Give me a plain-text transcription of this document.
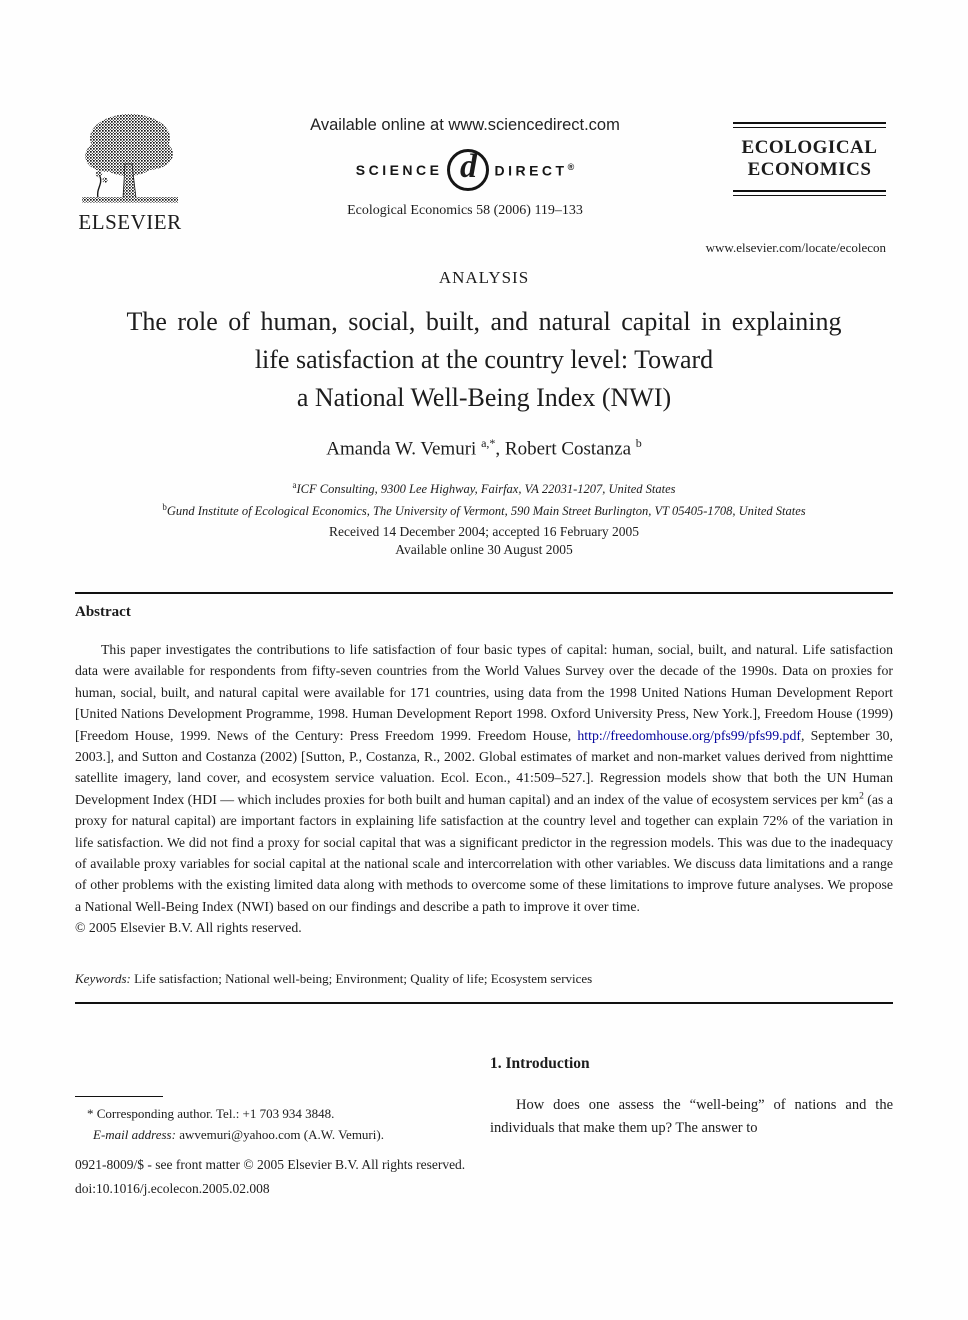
ELSEVIER
Available online at www.sciencedirect.com
SCIENCE d DIRECT®
Ecological Economics 58 (2006) 119–133
ECOLOGICAL
ECONOMICS
www.elsevier.com/locate/ecolecon
ANALYSIS
The role of human, social, built, and natural capital in explaining
life satisfaction at the country level: Toward
a National Well-Being Index (NWI)
Amanda W. Vemuri $^{a,*}$, Robert Costanza $^b$
$^a$ICF Consulting, 9300 Lee Highway, Fairfax, VA 22031-1207, United States
$^b$Gund Institute of Ecological Economics, The University of Vermont, 590 Main Street Burlington, VT 05405-1708, United States
Received 14 December 2004; accepted 16 February 2005
Available online 30 August 2005
Abstract

This paper investigates the contributions to life satisfaction of four basic types of capital: human, social, built, and natural. Life satisfaction data were available for respondents from fifty-seven countries from the World Values Survey over the decade of the 1990s. Data on proxies for human, social, built, and natural capital were available for 171 countries, using data from the 1998 United Nations Human Development Report [United Nations Development Programme, 1998. Human Development Report 1998. Oxford University Press, New York.], Freedom House (1999) [Freedom House, 1999. News of the Century: Press Freedom 1999. Freedom House, http://freedomhouse.org/pfs99/pfs99.pdf, September 30, 2003.], and Sutton and Costanza (2002) [Sutton, P., Costanza, R., 2002. Global estimates of market and non-market values derived from nighttime satellite imagery, land cover, and ecosystem service valuation. Ecol. Econ., 41:509–527.]. Regression models show that both the UN Human Development Index (HDI — which includes proxies for both built and human capital) and an index of the value of ecosystem services per $km^2$ (as a proxy for natural capital) are important factors in explaining life satisfaction at the country level and together can explain 72% of the variation in life satisfaction. We did not find a proxy for social capital that was a significant predictor in the regression models. This was due to the inadequacy of available proxy variables for social capital at the national scale and intercorrelation with other variables. We discuss data limitations and a range of other problems with the existing limited data along with methods to overcome some of these limitations to improve future analyses. We propose a National Well-Being Index (NWI) based on our findings and describe a path to improve it over time.

© 2005 Elsevier B.V. All rights reserved.

Keywords: Life satisfaction; National well-being; Environment; Quality of life; Ecosystem services
1. Introduction
How does one assess the “well-being” of nations and the individuals that make them up? The answer to
* Corresponding author. Tel.: +1 703 934 3848.
E-mail address: awvemuri@yahoo.com (A.W. Vemuri).
0921-8009/$ - see front matter © 2005 Elsevier B.V. All rights reserved.
doi:10.1016/j.ecolecon.2005.02.008
